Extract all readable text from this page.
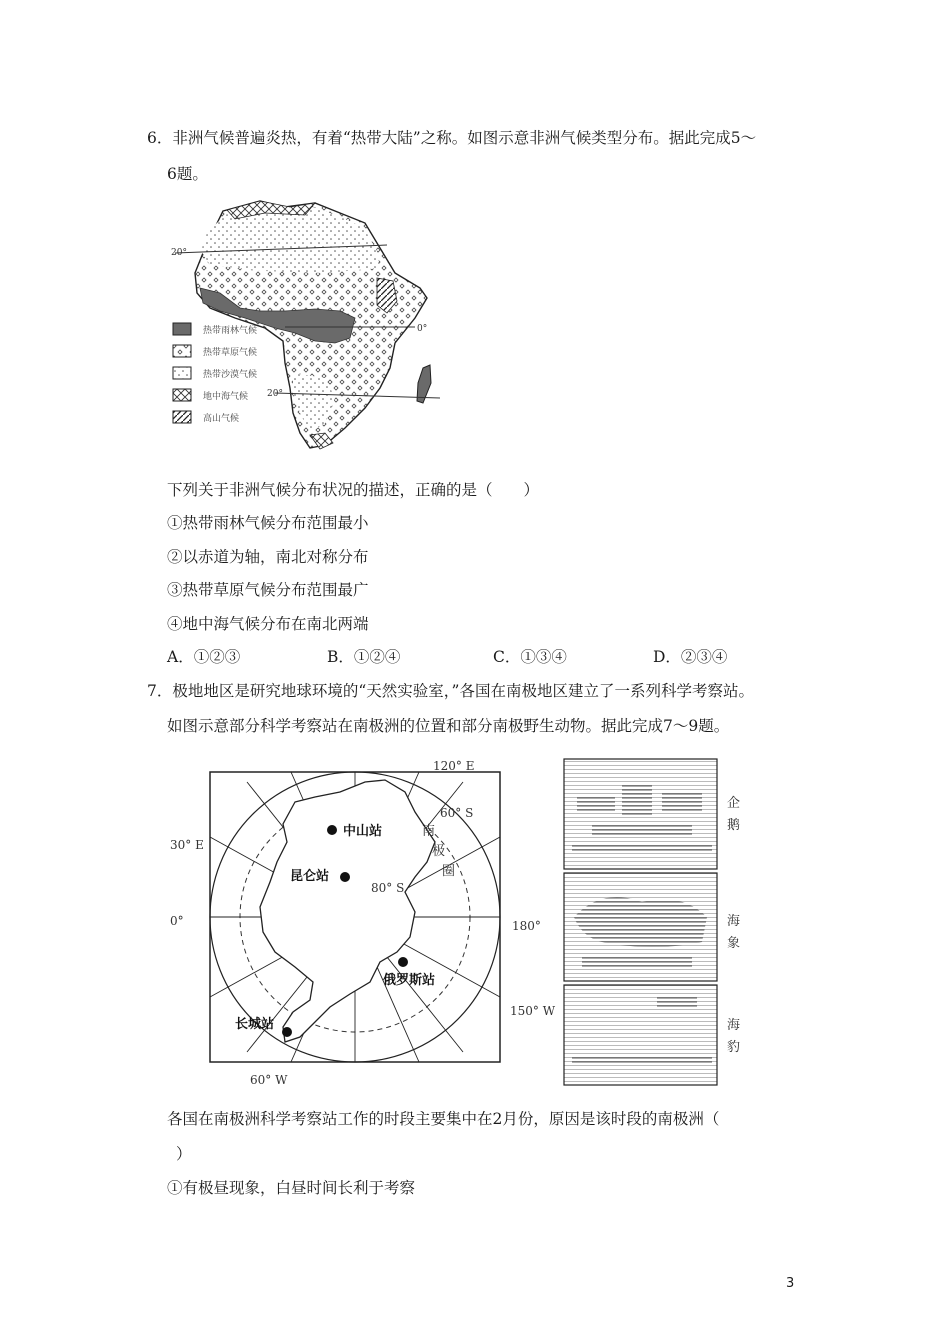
6．非洲气候普遍炎热，有着“热带大陆”之称。如图示意非洲气候类型分布。据此完成5～
6题。
20°
0°
20°
热带雨林气候
热带草原气候
热带沙漠气候
地中海气候
高山气候
下列关于非洲气候分布状况的描述，正确的是（　　）
①热带雨林气候分布范围最小
②以赤道为轴，南北对称分布
③热带草原气候分布范围最广
④地中海气候分布在南北两端
A．①②③	B．①②④	C．①③④	D．②③④
7．极地地区是研究地球环境的“天然实验室，”各国在南极地区建立了一系列科学考察站。
如图示意部分科学考察站在南极洲的位置和部分南极野生动物。据此完成7～9题。
120° E
60° S
30° E
0°	180°
150° W
60° W
80° S
南
极
圈
中山站
昆仑站
俄罗斯站
长城站
企
鹅
海
象
海
豹
各国在南极洲科学考察站工作的时段主要集中在2月份，原因是该时段的南极洲（
）
①有极昼现象，白昼时间长利于考察
3
